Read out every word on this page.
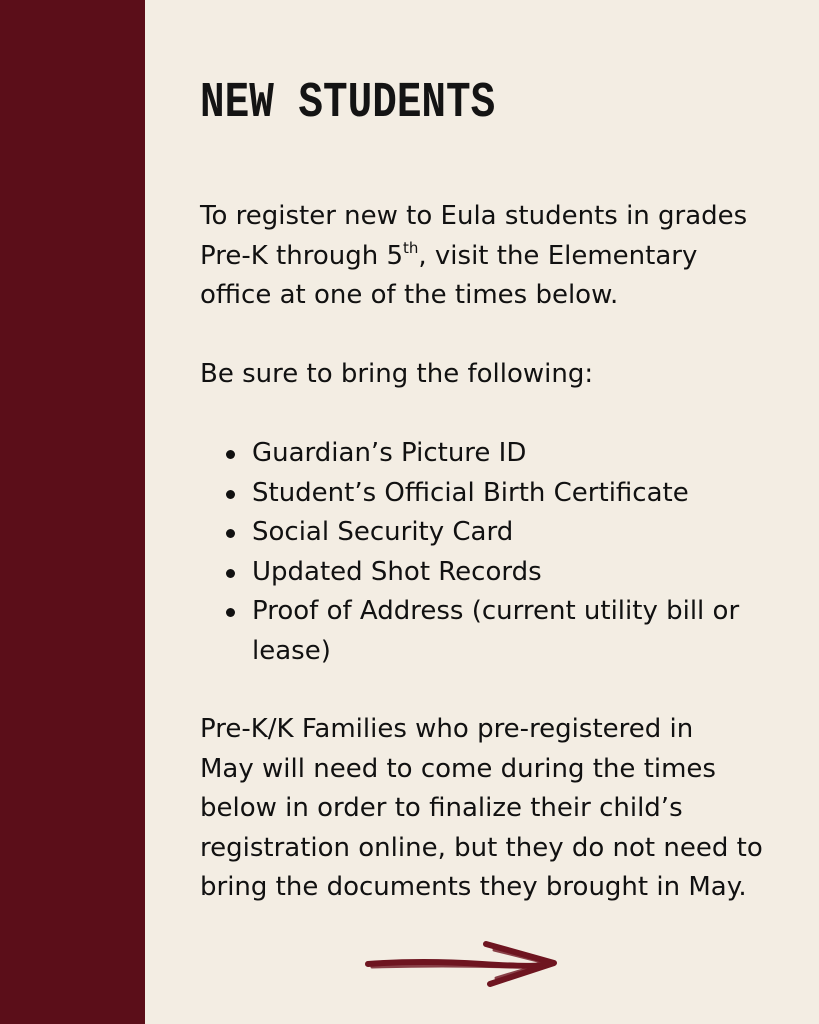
NEW STUDENTS

To register new to Eula students in grades
Pre-K through 5th, visit the Elementary
office at one of the times below.

Be sure to bring the following:

Guardian’s Picture ID
Student’s Official Birth Certificate
Social Security Card
Updated Shot Records
Proof of Address (current utility bill or
lease)

Pre-K/K Families who pre-registered in
May will need to come during the times
below in order to finalize their child’s
registration online, but they do not need to
bring the documents they brought in May.
